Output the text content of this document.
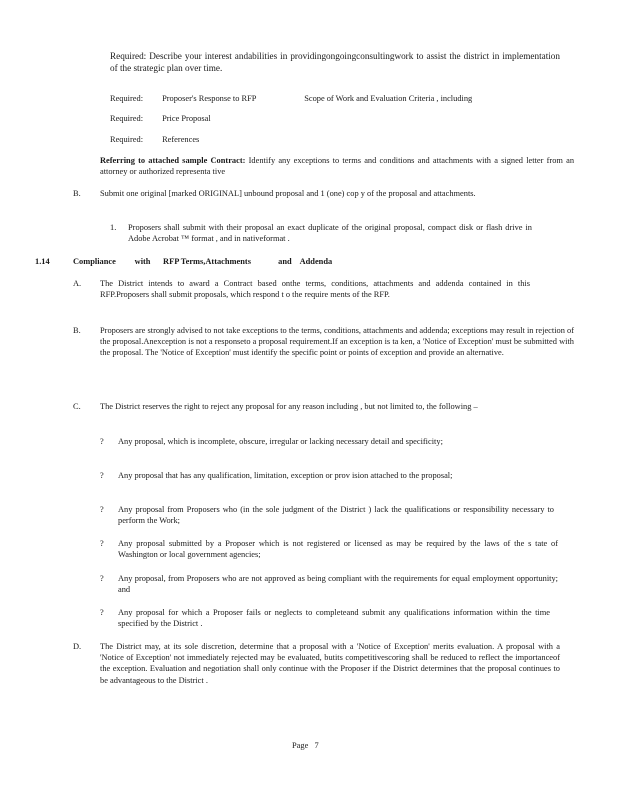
Required: Describe your interest andabilities in providingongoingconsultingwork to assist the district in implementation of the strategic plan over time.
Required: Proposer's Response to RFP	Scope of Work and Evaluation Criteria , including
Required: Price Proposal
Required: References
Referring to attached sample Contract: Identify any exceptions to terms and conditions and attachments with a signed letter from an attorney or authorized representa tive
B. Submit one original [marked ORIGINAL] unbound proposal and 1 (one) cop y of the proposal and attachments.
1. Proposers shall submit with their proposal an exact duplicate of the original proposal, compact disk or flash drive in Adobe Acrobat ™ format , and in nativeformat .
1.14	Compliance         with      RFP Terms,Attachments             and    Addenda
A. The District intends to award a Contract based onthe terms, conditions, attachments and addenda contained in this RFP.Proposers shall submit proposals, which respond t o the require ments of the RFP.
B. Proposers are strongly advised to not take exceptions to the terms, conditions, attachments and addenda; exceptions may result in rejection of the proposal.Anexception is not a responseto a proposal requirement.If an exception is ta ken, a 'Notice of Exception' must be submitted with the proposal. The 'Notice of Exception' must identify the specific point or points of exception and provide an alternative.
C. The District reserves the right to reject any proposal for any reason including , but not limited to, the following –
? Any proposal, which is incomplete, obscure, irregular or lacking necessary detail and specificity;
? Any proposal that has any qualification, limitation, exception or prov ision attached to the proposal;
? Any proposal from Proposers who (in the sole judgment of the District ) lack the qualifications or responsibility necessary to perform the Work;
? Any proposal submitted by a Proposer which is not registered or licensed as may be required by the laws of the s tate of Washington or local government agencies;
? Any proposal, from Proposers who are not approved as being compliant with the requirements for equal employment opportunity; and
? Any proposal for which a Proposer fails or neglects to completeand submit any qualifications information within the time specified by the District .
D. The District may, at its sole discretion, determine that a proposal with a 'Notice of Exception' merits evaluation. A proposal with a 'Notice of Exception' not immediately rejected may be evaluated, butits competitivescoring shall be reduced to reflect the importanceof the exception. Evaluation and negotiation shall only continue with the Proposer if the District determines that the proposal continues to be advantageous to the District .
Page   7
